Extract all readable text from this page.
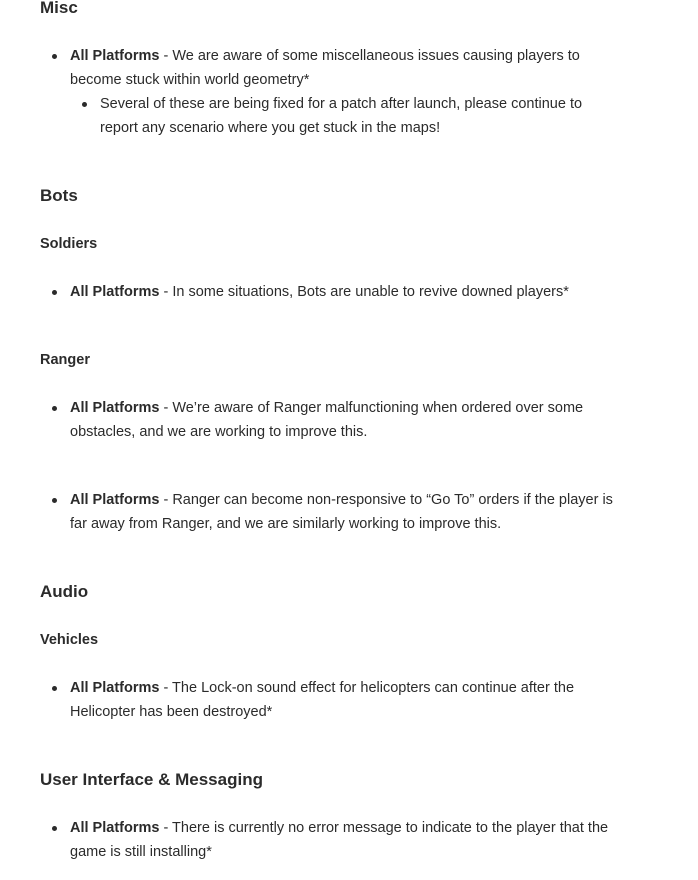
Misc
All Platforms - We are aware of some miscellaneous issues causing players to become stuck within world geometry*
Several of these are being fixed for a patch after launch, please continue to report any scenario where you get stuck in the maps!
Bots
Soldiers
All Platforms - In some situations, Bots are unable to revive downed players*
Ranger
All Platforms - We’re aware of Ranger malfunctioning when ordered over some obstacles, and we are working to improve this.
All Platforms - Ranger can become non-responsive to “Go To” orders if the player is far away from Ranger, and we are similarly working to improve this.
Audio
Vehicles
All Platforms - The Lock-on sound effect for helicopters can continue after the Helicopter has been destroyed*
User Interface & Messaging
All Platforms - There is currently no error message to indicate to the player that the game is still installing*
